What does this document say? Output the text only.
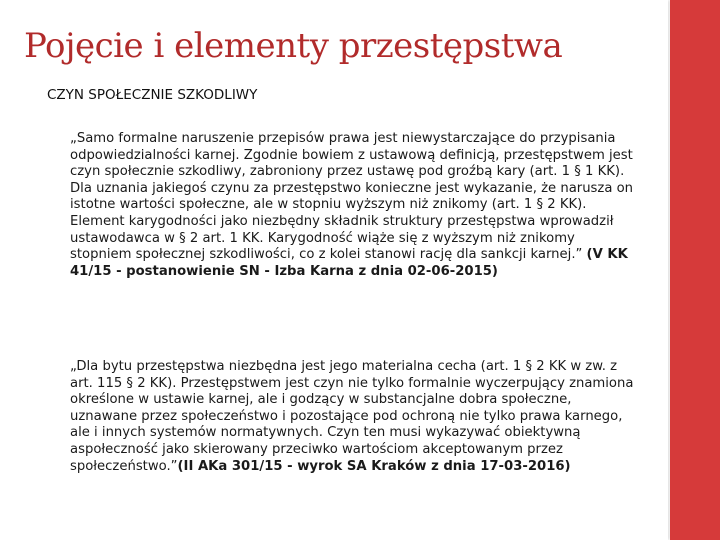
Pojęcie i elementy przestępstwa
CZYN SPOŁECZNIE SZKODLIWY
„Samo formalne naruszenie przepisów prawa jest niewystarczające do przypisania odpowiedzialności karnej. Zgodnie bowiem z ustawową definicją, przestępstwem jest czyn społecznie szkodliwy, zabroniony przez ustawę pod groźbą kary (art. 1 § 1 KK). Dla uznania jakiegoś czynu za przestępstwo konieczne jest wykazanie, że narusza on istotne wartości społeczne, ale w stopniu wyższym niż znikomy (art. 1 § 2 KK). Element karygodności jako niezbędny składnik struktury przestępstwa wprowadził ustawodawca w § 2 art. 1 KK. Karygodność wiąże się z wyższym niż znikomy stopniem społecznej szkodliwości, co z kolei stanowi rację dla sankcji karnej.” (V KK 41/15 - postanowienie SN - Izba Karna z dnia 02-06-2015)
„Dla bytu przestępstwa niezbędna jest jego materialna cecha (art. 1 § 2 KK w zw. z art. 115 § 2 KK). Przestępstwem jest czyn nie tylko formalnie wyczerpujący znamiona określone w ustawie karnej, ale i godzący w substancjalne dobra społeczne, uznawane przez społeczeństwo i pozostające pod ochroną nie tylko prawa karnego, ale i innych systemów normatywnych. Czyn ten musi wykazywać obiektywną aspołeczność jako skierowany przeciwko wartościom akceptowanym przez społeczeństwo.”(II AKa 301/15 - wyrok SA Kraków z dnia 17-03-2016)
